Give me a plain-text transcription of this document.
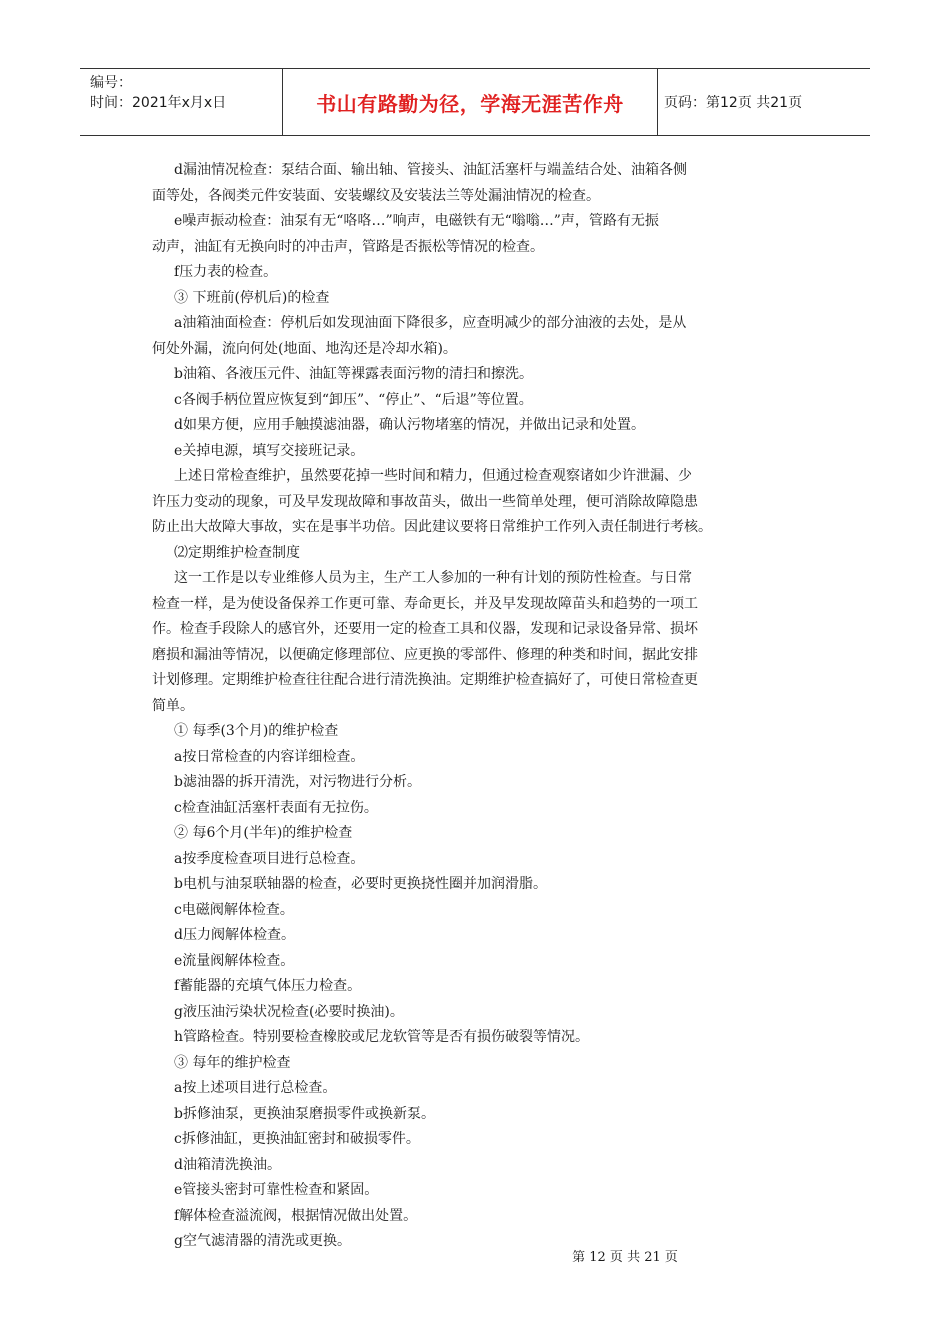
编号：
时间：2021年x月x日	书山有路勤为径，学海无涯苦作舟	页码：第12页 共21页
d漏油情况检查：泵结合面、输出轴、管接头、油缸活塞杆与端盖结合处、油箱各侧
面等处，各阀类元件安装面、安装螺纹及安装法兰等处漏油情况的检查。
e噪声振动检查：油泵有无“咯咯…”响声，电磁铁有无“嗡嗡…”声，管路有无振
动声，油缸有无换向时的冲击声，管路是否振松等情况的检查。
f压力表的检查。
③ 下班前(停机后)的检查
a油箱油面检查：停机后如发现油面下降很多，应查明减少的部分油液的去处，是从
何处外漏，流向何处(地面、地沟还是冷却水箱)。
b油箱、各液压元件、油缸等裸露表面污物的清扫和擦洗。
c各阀手柄位置应恢复到“卸压”、“停止”、“后退”等位置。
d如果方便，应用手触摸滤油器，确认污物堵塞的情况，并做出记录和处置。
e关掉电源，填写交接班记录。
上述日常检查维护，虽然要花掉一些时间和精力，但通过检查观察诸如少许泄漏、少
许压力变动的现象，可及早发现故障和事故苗头，做出一些简单处理，便可消除故障隐患
防止出大故障大事故，实在是事半功倍。因此建议要将日常维护工作列入责任制进行考核。
⑵定期维护检查制度
这一工作是以专业维修人员为主，生产工人参加的一种有计划的预防性检查。与日常
检查一样，是为使设备保养工作更可靠、寿命更长，并及早发现故障苗头和趋势的一项工
作。检查手段除人的感官外，还要用一定的检查工具和仪器，发现和记录设备异常、损坏
磨损和漏油等情况，以便确定修理部位、应更换的零部件、修理的种类和时间，据此安排
计划修理。定期维护检查往往配合进行清洗换油。定期维护检查搞好了，可使日常检查更
简单。
① 每季(3个月)的维护检查
a按日常检查的内容详细检查。
b滤油器的拆开清洗，对污物进行分析。
c检查油缸活塞杆表面有无拉伤。
② 每6个月(半年)的维护检查
a按季度检查项目进行总检查。
b电机与油泵联轴器的检查，必要时更换挠性圈并加润滑脂。
c电磁阀解体检查。
d压力阀解体检查。
e流量阀解体检查。
f蓄能器的充填气体压力检查。
g液压油污染状况检查(必要时换油)。
h管路检查。特别要检查橡胶或尼龙软管等是否有损伤破裂等情况。
③ 每年的维护检查
a按上述项目进行总检查。
b拆修油泵，更换油泵磨损零件或换新泵。
c拆修油缸，更换油缸密封和破损零件。
d油箱清洗换油。
e管接头密封可靠性检查和紧固。
f解体检查溢流阀，根据情况做出处置。
g空气滤清器的清洗或更换。
第 12 页 共 21 页
